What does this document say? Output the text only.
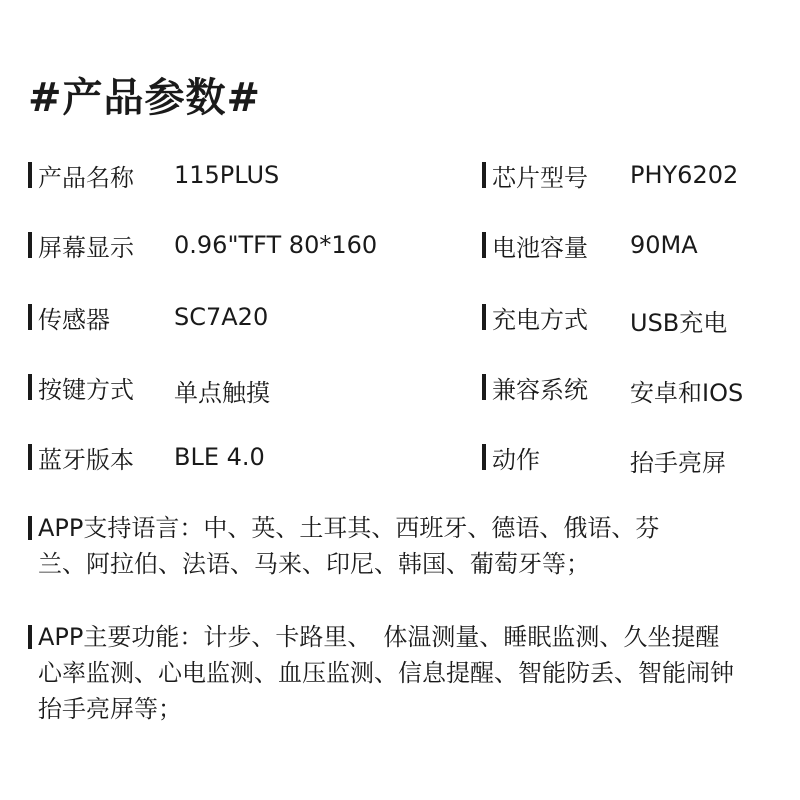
#产品参数#
产品名称 115PLUS
屏幕显示 0.96"TFT 80*160
传感器	SC7A20
按键方式 单点触摸
蓝牙版本 BLE 4.0
芯片型号 PHY6202
电池容量 90MA
充电方式 USB充电
兼容系统 安卓和IOS
动作	抬手亮屏
APP支持语言：中、英、土耳其、西班牙、德语、俄语、芬
兰、阿拉伯、法语、马来、印尼、韩国、葡萄牙等；
APP主要功能：计步、卡路里、　体温测量、睡眠监测、久坐提醒
心率监测、心电监测、血压监测、信息提醒、智能防丢、智能闹钟
抬手亮屏等；
